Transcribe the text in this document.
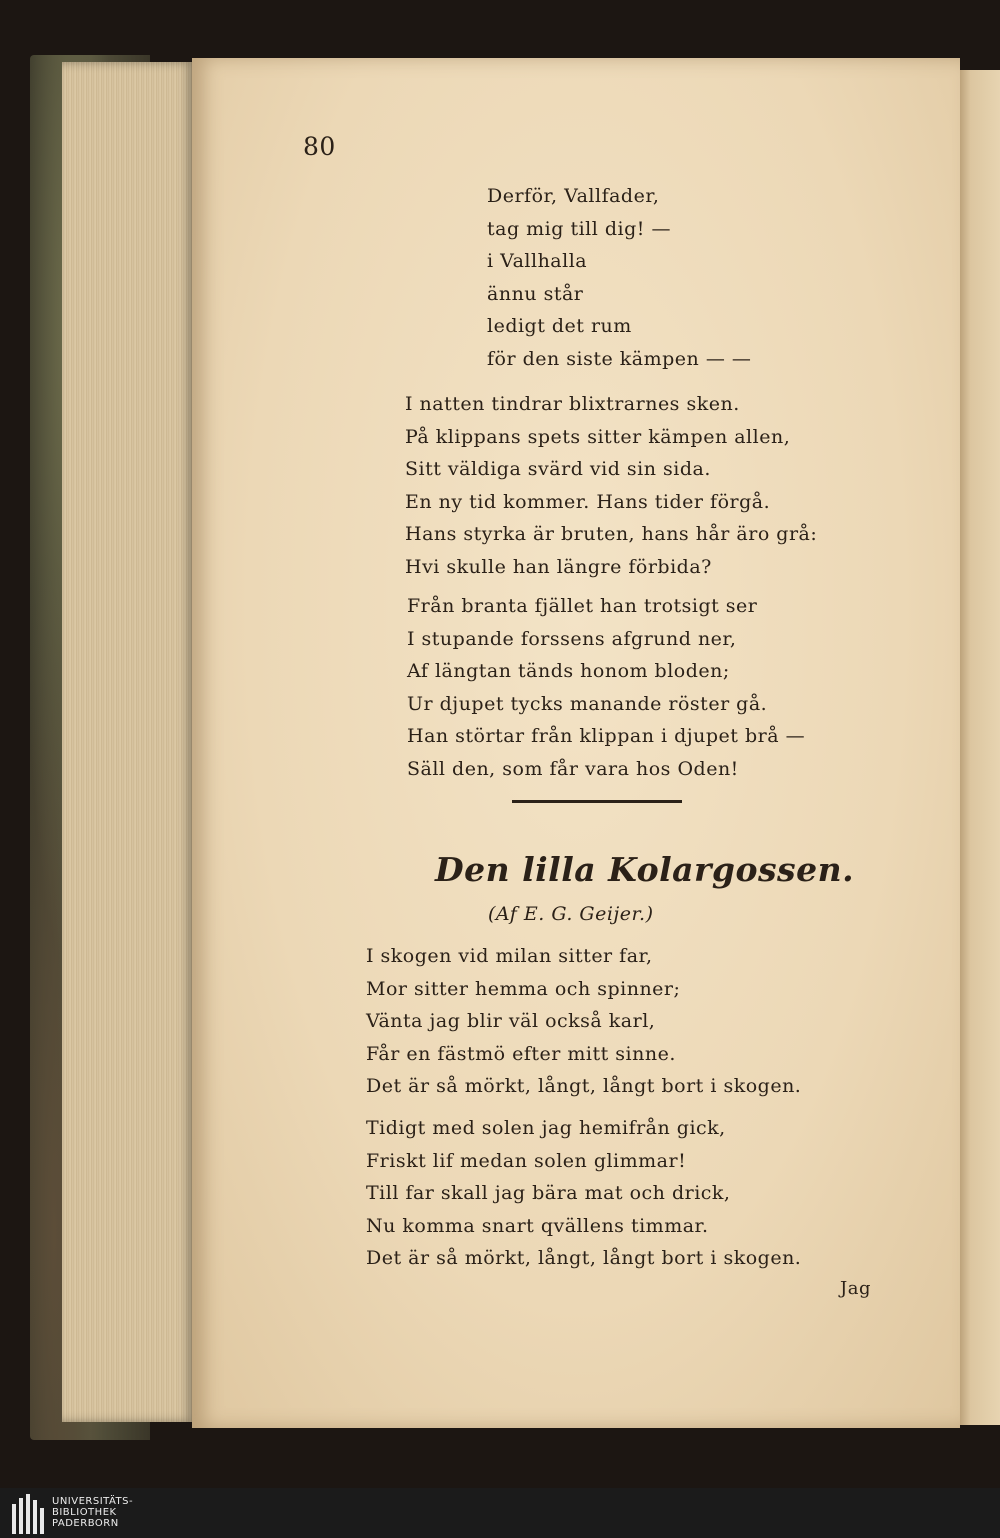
80
Derför, Vallfader,
tag mig till dig! —
i Vallhalla
ännu står
ledigt det rum
för den siste kämpen — —
I natten tindrar blixtrarnes sken.
På klippans spets sitter kämpen allen,
Sitt väldiga svärd vid sin sida.
En ny tid kommer. Hans tider förgå.
Hans styrka är bruten, hans hår äro grå:
Hvi skulle han längre förbida?
Från branta fjället han trotsigt ser
I stupande forssens afgrund ner,
Af längtan tänds honom bloden;
Ur djupet tycks manande röster gå.
Han störtar från klippan i djupet brå —
Säll den, som får vara hos Oden!
Den lilla Kolargossen.
(Af E. G. Geijer.)
I skogen vid milan sitter far,
Mor sitter hemma och spinner;
Vänta jag blir väl också karl,
Får en fästmö efter mitt sinne.
Det är så mörkt, långt, långt bort i skogen.
Tidigt med solen jag hemifrån gick,
Friskt lif medan solen glimmar!
Till far skall jag bära mat och drick,
Nu komma snart qvällens timmar.
Det är så mörkt, långt, långt bort i skogen.
Jag
UNIVERSITÄTS-
BIBLIOTHEK
PADERBORN
